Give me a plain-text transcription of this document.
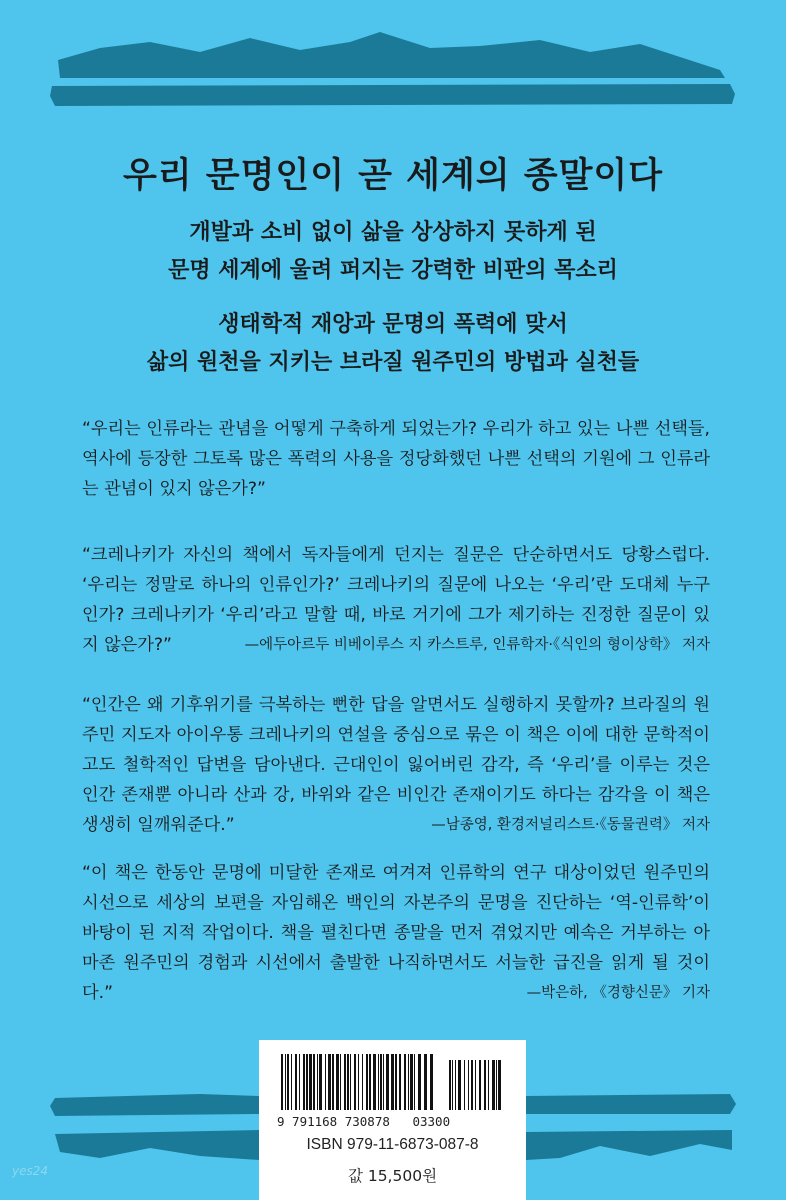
우리 문명인이 곧 세계의 종말이다

개발과 소비 없이 삶을 상상하지 못하게 된
문명 세계에 울려 퍼지는 강력한 비판의 목소리

생태학적 재앙과 문명의 폭력에 맞서
삶의 원천을 지키는 브라질 원주민의 방법과 실천들

“우리는 인류라는 관념을 어떻게 구축하게 되었는가? 우리가 하고 있는 나쁜 선택들, 역사에 등장한 그토록 많은 폭력의 사용을 정당화했던 나쁜 선택의 기원에 그 인류라는 관념이 있지 않은가?”

“크레나키가 자신의 책에서 독자들에게 던지는 질문은 단순하면서도 당황스럽다. ‘우리는 정말로 하나의 인류인가?’ 크레나키의 질문에 나오는 ‘우리’란 도대체 누구인가? 크레나키가 ‘우리’라고 말할 때, 바로 거기에 그가 제기하는 진정한 질문이 있지 않은가?”	—에두아르두 비베이루스 지 카스트루, 인류학자·《식인의 형이상학》 저자

“인간은 왜 기후위기를 극복하는 뻔한 답을 알면서도 실행하지 못할까? 브라질의 원주민 지도자 아이우통 크레나키의 연설을 중심으로 묶은 이 책은 이에 대한 문학적이고도 철학적인 답변을 담아낸다. 근대인이 잃어버린 감각, 즉 ‘우리’를 이루는 것은 인간 존재뿐 아니라 산과 강, 바위와 같은 비인간 존재이기도 하다는 감각을 이 책은 생생히 일깨워준다.”	—남종영, 환경저널리스트·《동물권력》 저자

“이 책은 한동안 문명에 미달한 존재로 여겨져 인류학의 연구 대상이었던 원주민의 시선으로 세상의 보편을 자임해온 백인의 자본주의 문명을 진단하는 ‘역-인류학’이 바탕이 된 지적 작업이다. 책을 펼친다면 종말을 먼저 겪었지만 예속은 거부하는 아마존 원주민의 경험과 시선에서 출발한 나직하면서도 서늘한 급진을 읽게 될 것이다.”	—박은하, 《경향신문》 기자

9 791168 730878   03300
ISBN 979-11-6873-087-8
값 15,500원
yes24
